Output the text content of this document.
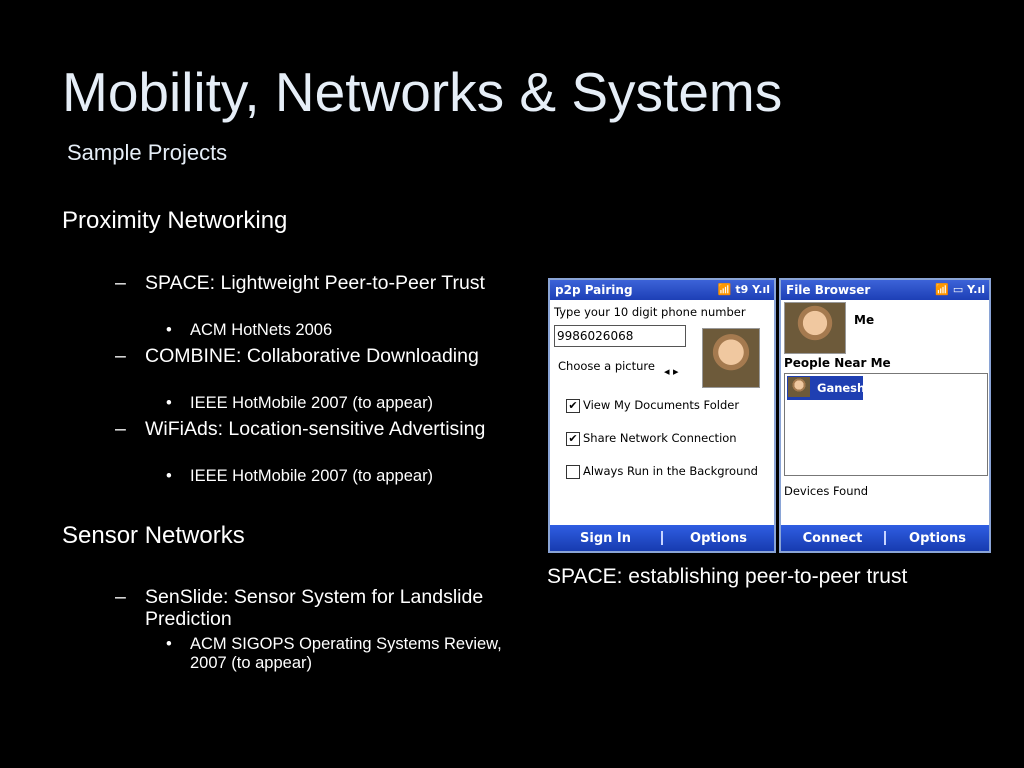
Mobility, Networks & Systems
Sample Projects
Proximity Networking
– SPACE: Lightweight Peer-to-Peer Trust
• ACM HotNets 2006
– COMBINE: Collaborative Downloading
• IEEE HotMobile 2007 (to appear)
– WiFiAds: Location-sensitive Advertising
• IEEE HotMobile 2007 (to appear)
Sensor Networks
– SenSlide: Sensor System for Landslide Prediction
• ACM SIGOPS Operating Systems Review, 2007 (to appear)
p2p Pairing	📶 t9 Y.ıl
Type your 10 digit phone number
9986026068
Choose a picture ◂ ▸
✔ View My Documents Folder
✔ Share Network Connection
Always Run in the Background
Sign In	Options
File Browser	📶 ▭ Y.ıl
Me
People Near Me
Ganesh
Devices Found
Connect	Options
SPACE: establishing peer-to-peer trust
